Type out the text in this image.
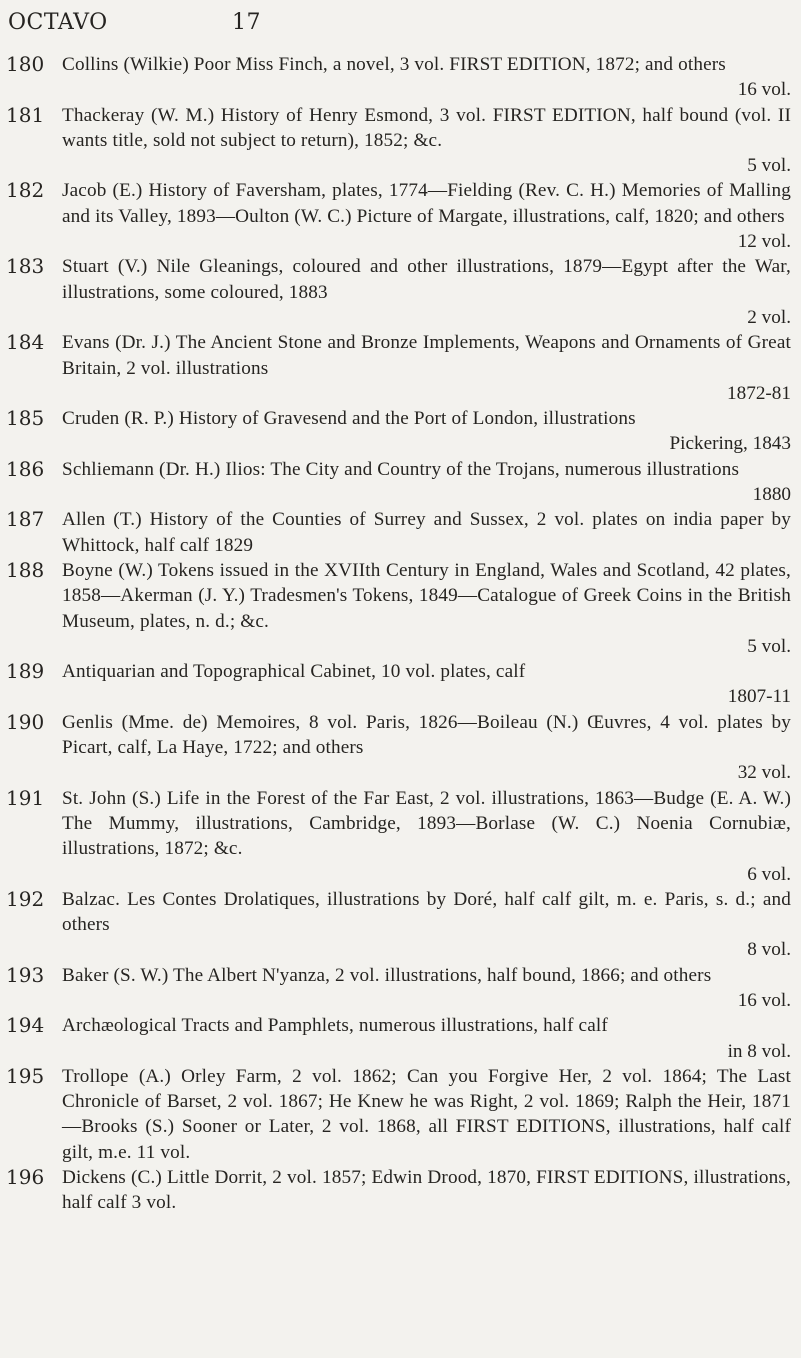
OCTAVO	17
180 Collins (Wilkie) Poor Miss Finch, a novel, 3 vol. FIRST EDITION, 1872; and others
16 vol.
181 Thackeray (W. M.) History of Henry Esmond, 3 vol. FIRST EDITION, half bound (vol. II wants title, sold not subject to return), 1852; &c.
5 vol.
182 Jacob (E.) History of Faversham, plates, 1774—Fielding (Rev. C. H.) Memories of Malling and its Valley, 1893—Oulton (W. C.) Picture of Margate, illustrations, calf, 1820; and others
12 vol.
183 Stuart (V.) Nile Gleanings, coloured and other illustrations, 1879—Egypt after the War, illustrations, some coloured, 1883
2 vol.
184 Evans (Dr. J.) The Ancient Stone and Bronze Implements, Weapons and Ornaments of Great Britain, 2 vol. illustrations
1872-81
185 Cruden (R. P.) History of Gravesend and the Port of London, illustrations
Pickering, 1843
186 Schliemann (Dr. H.) Ilios: The City and Country of the Trojans, numerous illustrations
1880
187 Allen (T.) History of the Counties of Surrey and Sussex, 2 vol. plates on india paper by Whittock, half calf 1829
188 Boyne (W.) Tokens issued in the XVIIth Century in England, Wales and Scotland, 42 plates, 1858—Akerman (J. Y.) Tradesmen's Tokens, 1849—Catalogue of Greek Coins in the British Museum, plates, n. d.; &c.
5 vol.
189 Antiquarian and Topographical Cabinet, 10 vol. plates, calf
1807-11
190 Genlis (Mme. de) Memoires, 8 vol. Paris, 1826—Boileau (N.) Œuvres, 4 vol. plates by Picart, calf, La Haye, 1722; and others
32 vol.
191 St. John (S.) Life in the Forest of the Far East, 2 vol. illustrations, 1863—Budge (E. A. W.) The Mummy, illustrations, Cambridge, 1893—Borlase (W. C.) Noenia Cornubiæ, illustrations, 1872; &c.
6 vol.
192 Balzac. Les Contes Drolatiques, illustrations by Doré, half calf gilt, m. e. Paris, s. d.; and others
8 vol.
193 Baker (S. W.) The Albert N'yanza, 2 vol. illustrations, half bound, 1866; and others
16 vol.
194 Archæological Tracts and Pamphlets, numerous illustrations, half calf
in 8 vol.
195 Trollope (A.) Orley Farm, 2 vol. 1862; Can you Forgive Her, 2 vol. 1864; The Last Chronicle of Barset, 2 vol. 1867; He Knew he was Right, 2 vol. 1869; Ralph the Heir, 1871—Brooks (S.) Sooner or Later, 2 vol. 1868, all FIRST EDITIONS, illustrations, half calf gilt, m.e. 11 vol.
196 Dickens (C.) Little Dorrit, 2 vol. 1857; Edwin Drood, 1870, FIRST EDITIONS, illustrations, half calf 3 vol.
